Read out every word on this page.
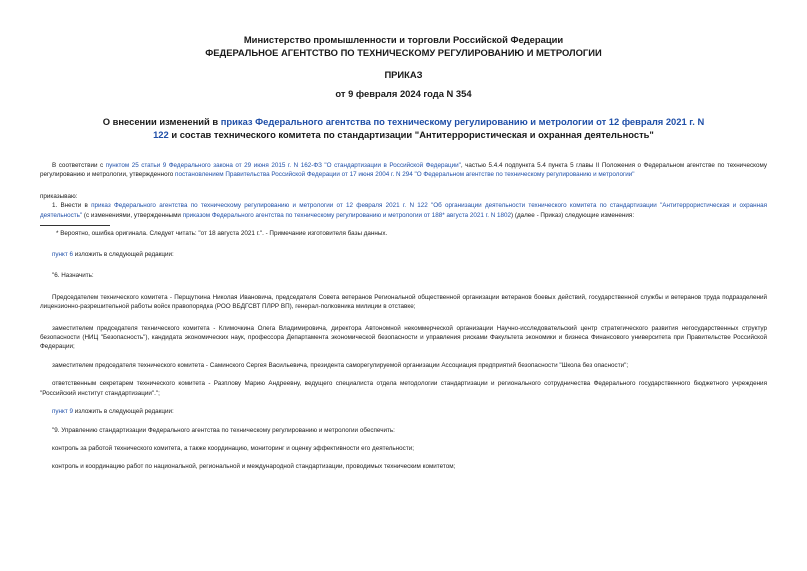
Министерство промышленности и торговли Российской Федерации
ФЕДЕРАЛЬНОЕ АГЕНТСТВО ПО ТЕХНИЧЕСКОМУ РЕГУЛИРОВАНИЮ И МЕТРОЛОГИИ
ПРИКАЗ
от 9 февраля 2024 года N 354
О внесении изменений в приказ Федерального агентства по техническому регулированию и метрологии от 12 февраля 2021 г. N 122 и состав технического комитета по стандартизации "Антитеррористическая и охранная деятельность"
В соответствии с пунктом 25 статьи 9 Федерального закона от 29 июня 2015 г. N 162-ФЗ "О стандартизации в Российской Федерации", частью 5.4.4 подпункта 5.4 пункта 5 главы II Положения о Федеральном агентстве по техническому регулированию и метрологии, утвержденного постановлением Правительства Российской Федерации от 17 июня 2004 г. N 294 "О Федеральном агентстве по техническому регулированию и метрологии"
приказываю:
1. Внести в приказ Федерального агентства по техническому регулированию и метрологии от 12 февраля 2021 г. N 122 "Об организации деятельности технического комитета по стандартизации "Антитеррористическая и охранная деятельность" (с изменениями, утвержденными приказом Федерального агентства по техническому регулированию и метрологии от 188* августа 2021 г. N 1802) (далее - Приказ) следующие изменения:
* Вероятно, ошибка оригинала. Следует читать: "от 18 августа 2021 г.". - Примечание изготовителя базы данных.
пункт 6 изложить в следующей редакции:
"6. Назначить:
Председателем технического комитета - Перщуткина Николая Ивановича, председателя Совета ветеранов Региональной общественной организации ветеранов боевых действий, государственной службы и ветеранов труда подразделений лицензионно-разрешительной работы войск правопорядка (РОО ВБДГСВТ ПЛРР ВП), генерал-полковника милиции в отставке;
заместителем председателя технического комитета - Климочкина Олега Владимировича, директора Автономной некоммерческой организации Научно-исследовательский центр стратегического развития негосударственных структур безопасности (НИЦ "Безопасность"), кандидата экономических наук, профессора Департамента экономической безопасности и управления рисками Факультета экономики и бизнеса Финансового университета при Правительстве Российской Федерации;
заместителем председателя технического комитета - Саминского Сергея Васильевича, президента саморегулируемой организации Ассоциация предприятий безопасности "Школа без опасности";
ответственным секретарем технического комитета - Разплову Марию Андреевну, ведущего специалиста отдела методологии стандартизации и регионального сотрудничества Федерального государственного бюджетного учреждения "Российский институт стандартизации".";
пункт 9 изложить в следующей редакции:
"9. Управлению стандартизации Федерального агентства по техническому регулированию и метрологии обеспечить:
контроль за работой технического комитета, а также координацию, мониторинг и оценку эффективности его деятельности;
контроль и координацию работ по национальной, региональной и международной стандартизации, проводимых техническим комитетом;
